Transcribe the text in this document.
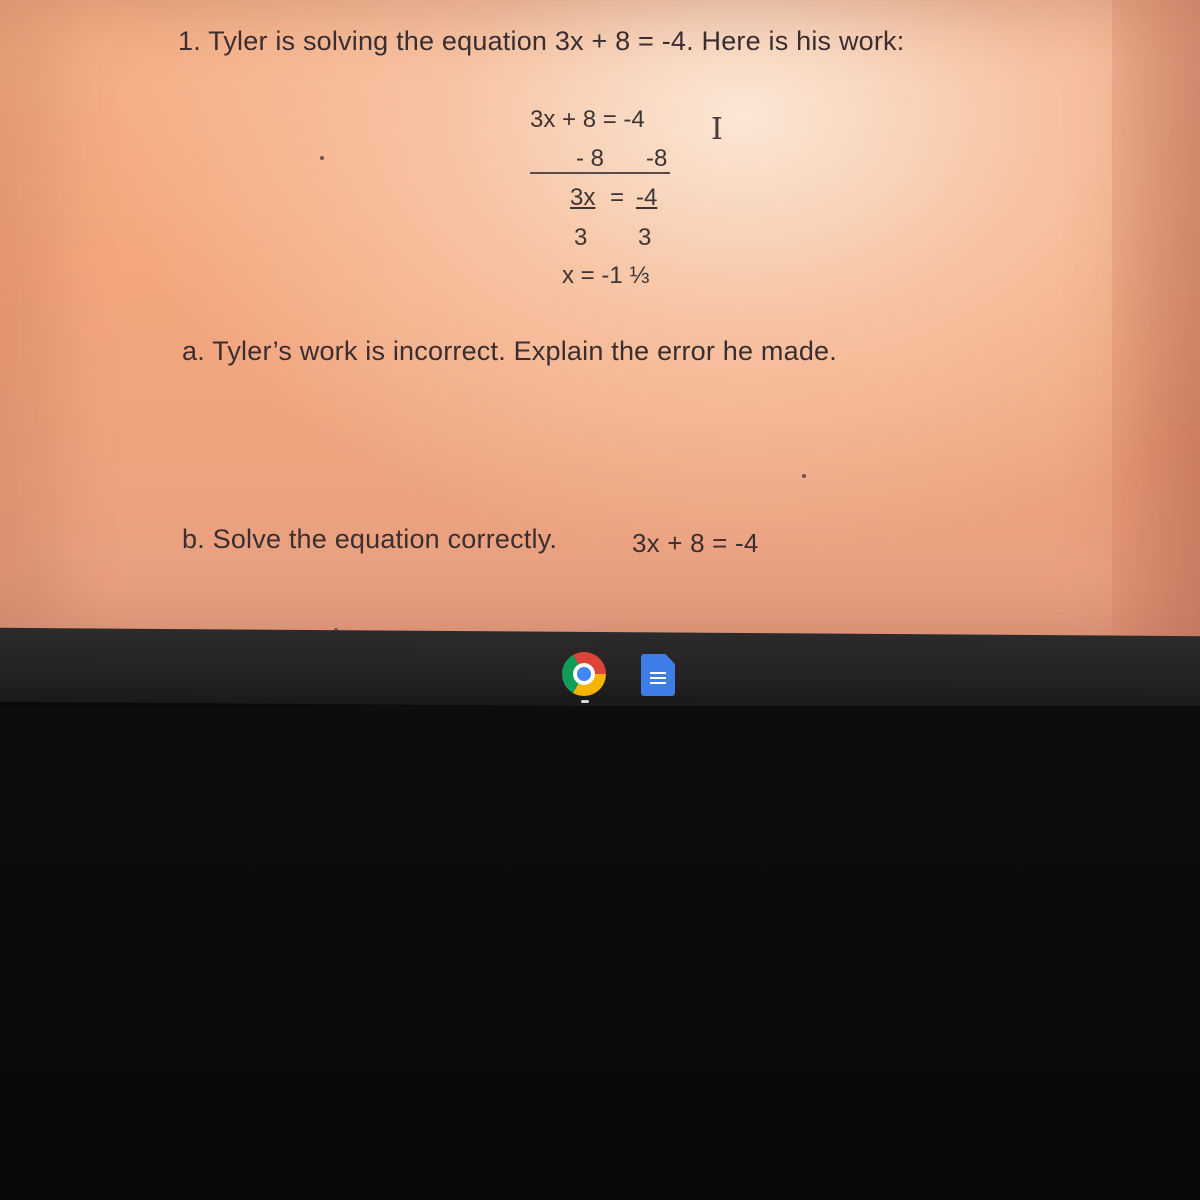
1. Tyler is solving the equation 3x + 8 = -4. Here is his work:
3x + 8 = -4
- 8 -8
3x = -4
3 3
x = -1 ⅓
I
a. Tyler’s work is incorrect. Explain the error he made.
b. Solve the equation correctly.	3x + 8 = -4
